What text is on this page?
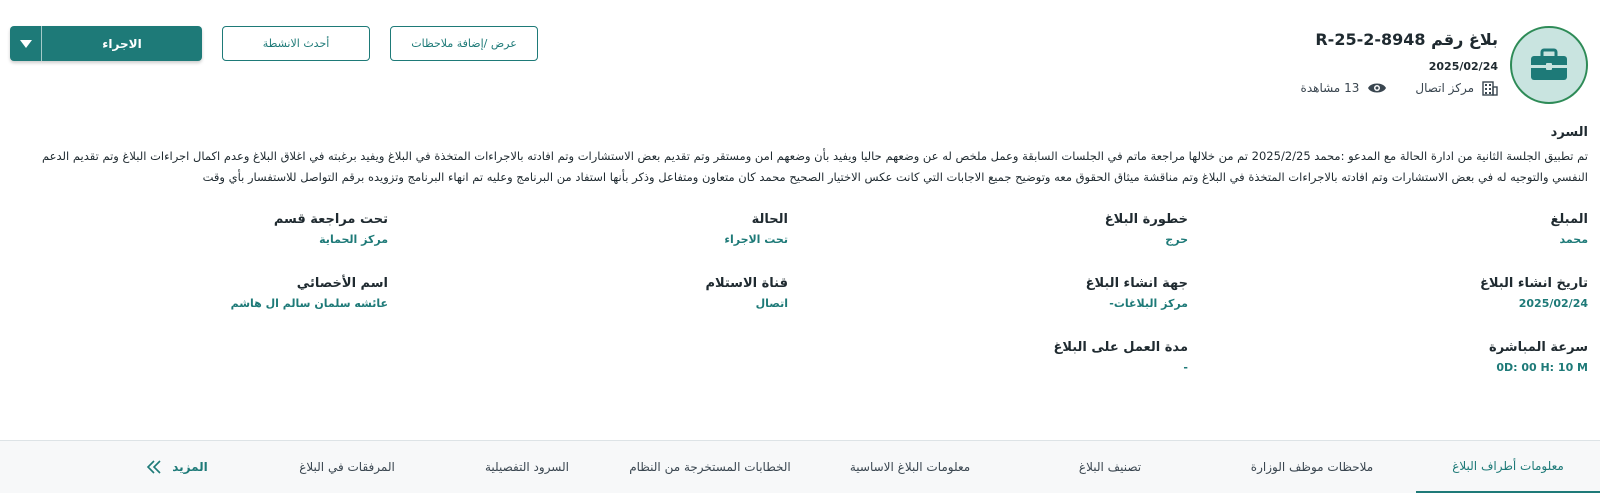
بلاغ رقم R-25-2-8948
2025/02/24
مركز اتصال
13 مشاهدة
الاجراء	أحدث الانشطة	عرض /إضافة ملاحظات
السرد
تم تطبيق الجلسة الثانية من ادارة الحالة مع المدعو :محمد 2025/2/25 تم من خلالها مراجعة ماتم في الجلسات السابقة وعمل ملخص له عن وضعهم حاليا ويفيد بأن وضعهم امن ومستقر وتم تقديم بعض الاستشارات وتم افادته بالاجراءات المتخذة في البلاغ ويفيد برغبته في اغلاق البلاغ وعدم اكمال اجراءات البلاغ وتم تقديم الدعم النفسي والتوجيه له في بعض الاستشارات وتم افادته بالاجراءات المتخذة في البلاغ وتم مناقشة ميثاق الحقوق معه وتوضيح جميع الاجابات التي كانت عكس الاختيار الصحيح محمد كان متعاون ومتفاعل وذكر بأنها استفاد من البرنامج وعليه تم انهاء البرنامج وتزويده برقم التواصل للاستفسار بأي وقت
المبلغ
محمد
خطورة البلاغ
حرج
الحالة
تحت الاجراء
تحت مراجعة قسم
مركز الحماية
تاريخ انشاء البلاغ
2025/02/24
جهة انشاء البلاغ
مركز البلاغات-
قناة الاستلام
اتصال
اسم الأخصائي
عائشه سلمان سالم ال هاشم
سرعة المباشرة
0D: 00 H: 10 M
مدة العمل على البلاغ
-
معلومات أطراف البلاغ
ملاحظات موظف الوزارة
تصنيف البلاغ
معلومات البلاغ الاساسية
الخطابات المستخرجة من النظام
السرود التفصيلية
المرفقات في البلاغ
المزيد
